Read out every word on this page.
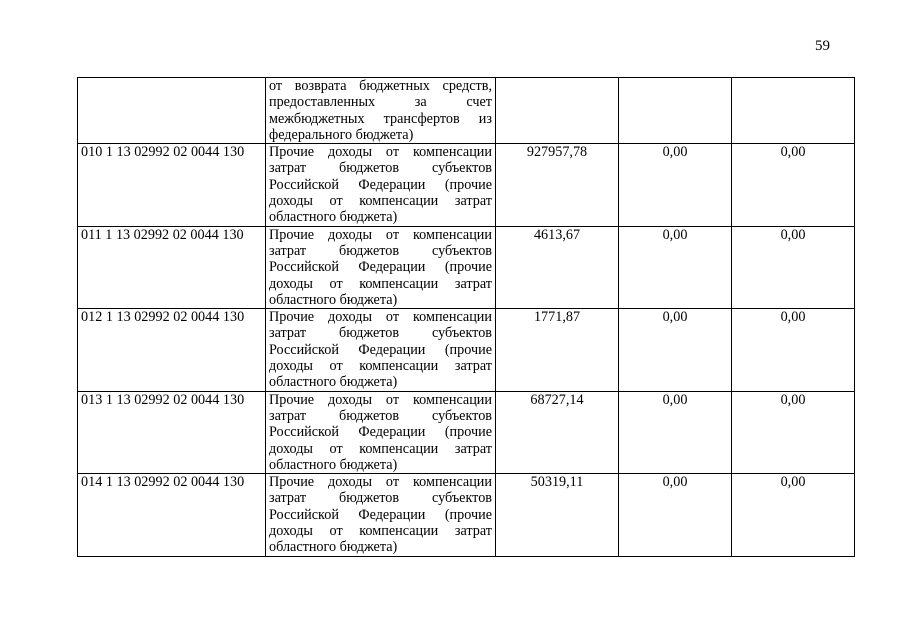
59
	от возврата бюджетных средств, предоставленных за счет межбюджетных трансфертов из федерального бюджета)			
010 1 13 02992 02 0044 130	Прочие доходы от компенсации затрат бюджетов субъектов Российской Федерации (прочие доходы от компенсации затрат областного бюджета)	927957,78	0,00	0,00
011 1 13 02992 02 0044 130	Прочие доходы от компенсации затрат бюджетов субъектов Российской Федерации (прочие доходы от компенсации затрат областного бюджета)	4613,67	0,00	0,00
012 1 13 02992 02 0044 130	Прочие доходы от компенсации затрат бюджетов субъектов Российской Федерации (прочие доходы от компенсации затрат областного бюджета)	1771,87	0,00	0,00
013 1 13 02992 02 0044 130	Прочие доходы от компенсации затрат бюджетов субъектов Российской Федерации (прочие доходы от компенсации затрат областного бюджета)	68727,14	0,00	0,00
014 1 13 02992 02 0044 130	Прочие доходы от компенсации затрат бюджетов субъектов Российской Федерации (прочие доходы от компенсации затрат областного бюджета)	50319,11	0,00	0,00
